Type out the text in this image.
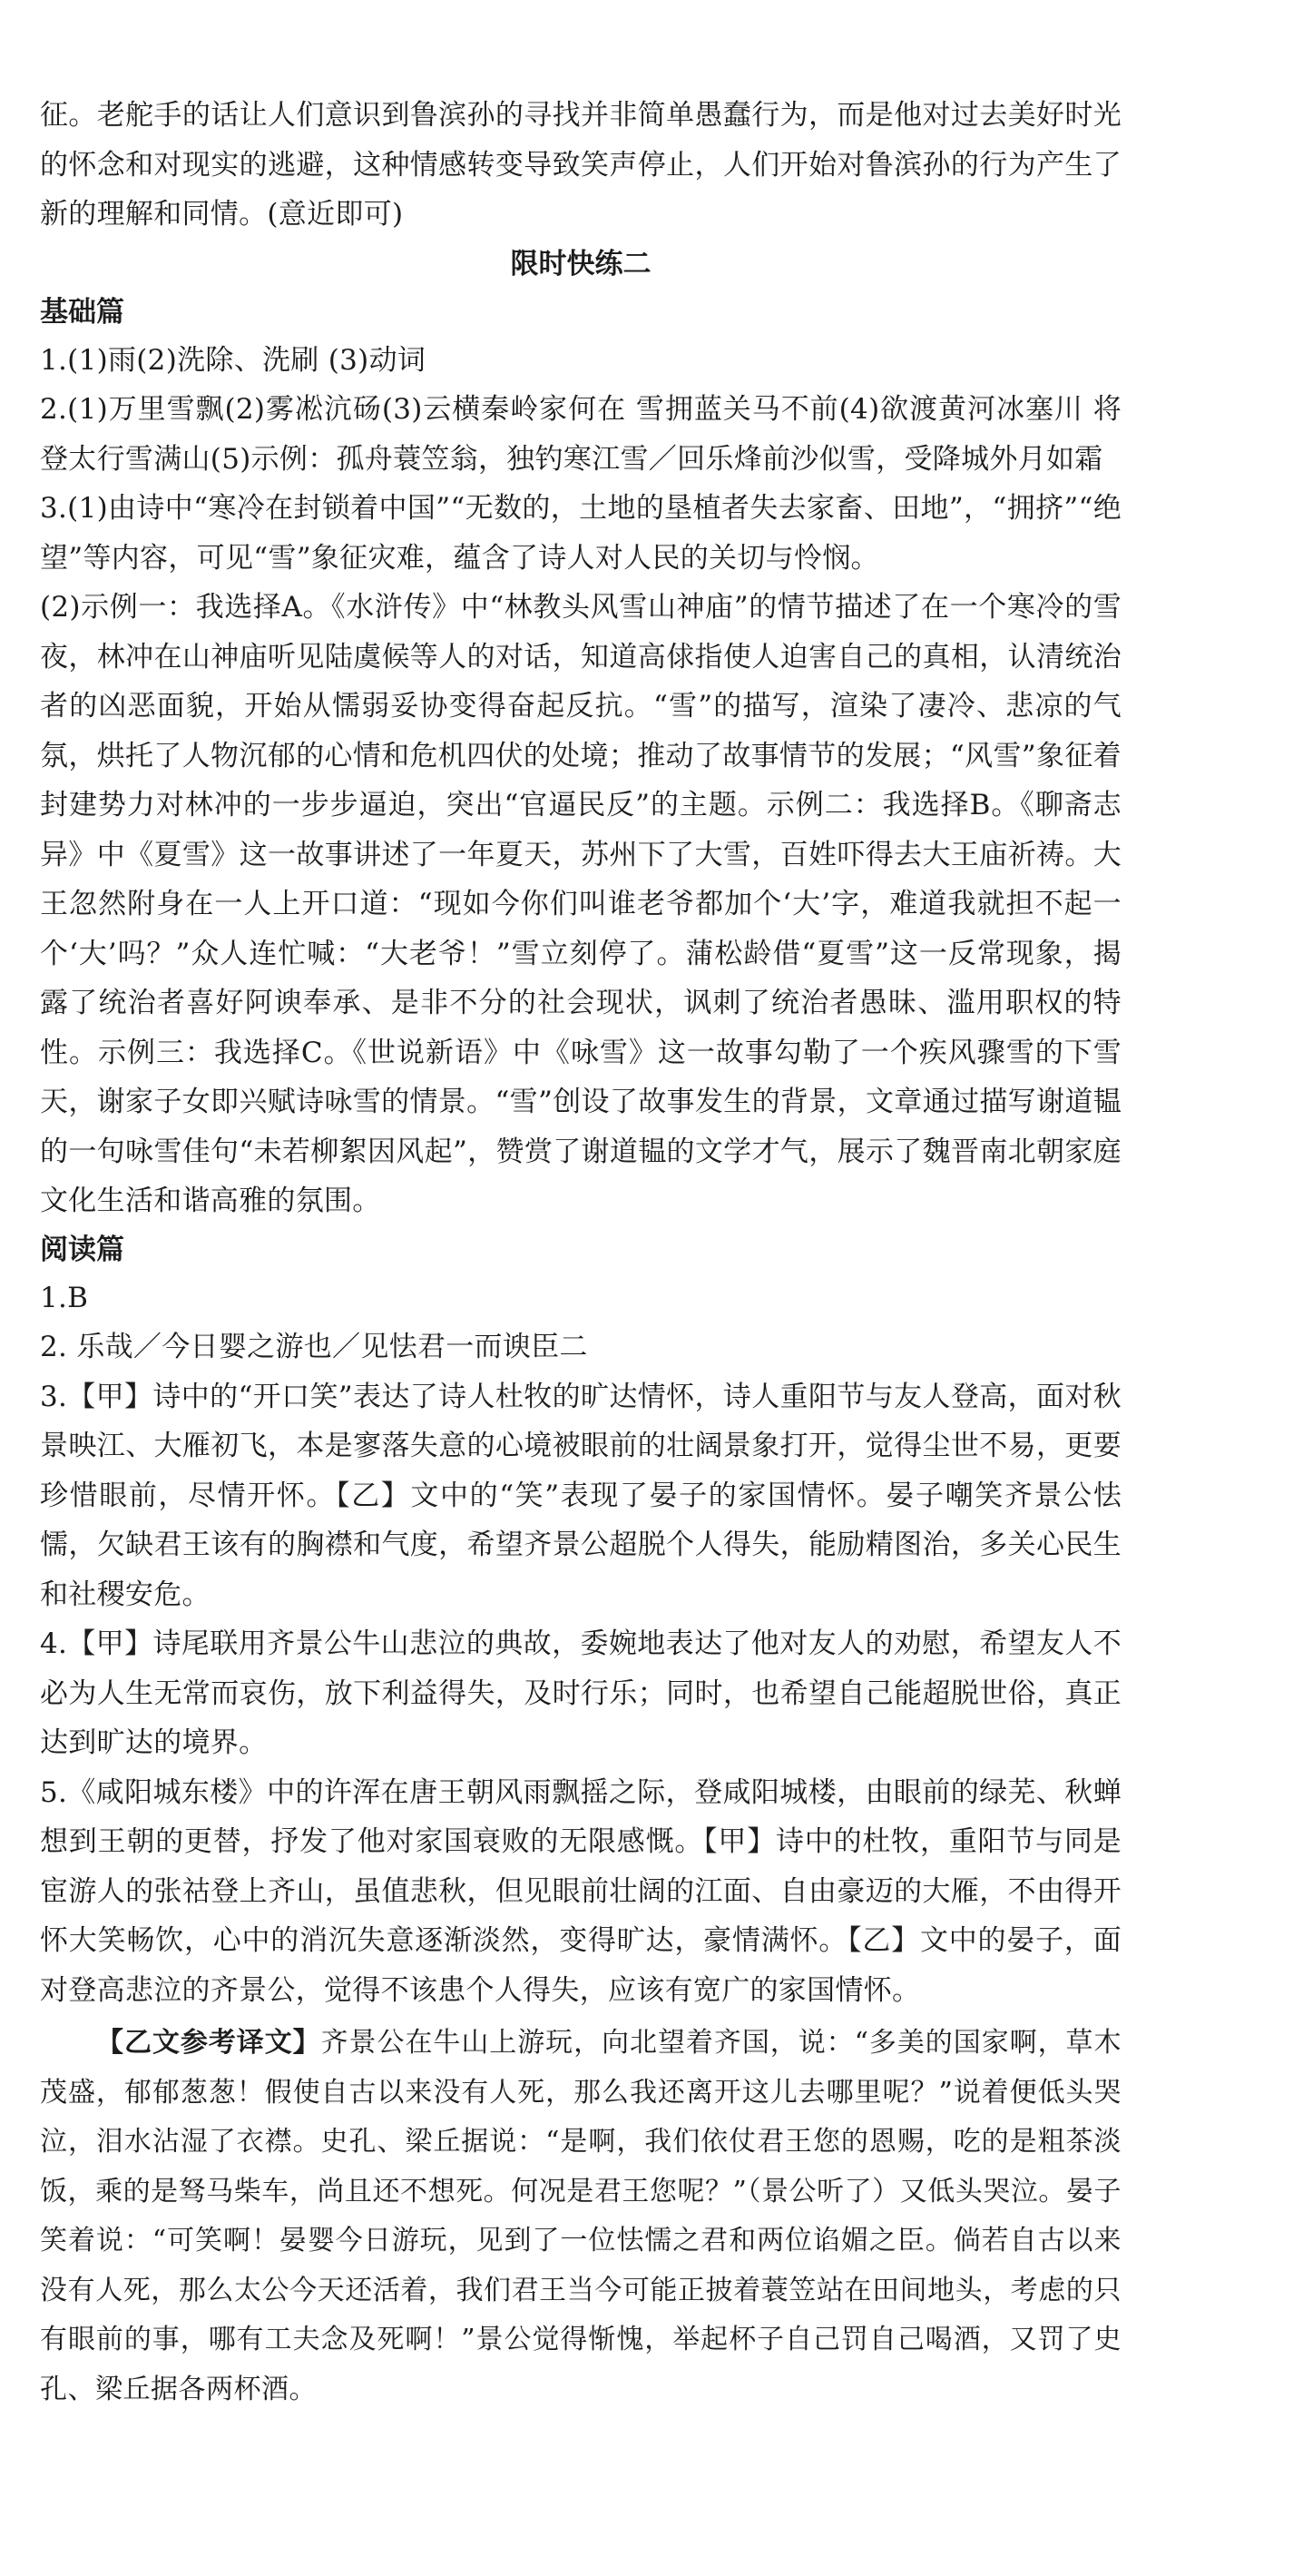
征。老舵手的话让人们意识到鲁滨孙的寻找并非简单愚蠢行为，而是他对过去美好时光的怀念和对现实的逃避，这种情感转变导致笑声停止，人们开始对鲁滨孙的行为产生了新的理解和同情。(意近即可)

限时快练二

基础篇

1.(1)雨(2)洗除、洗刷 (3)动词

2.(1)万里雪飘(2)雾凇沆砀(3)云横秦岭家何在 雪拥蓝关马不前(4)欲渡黄河冰塞川 将登太行雪满山(5)示例：孤舟蓑笠翁，独钓寒江雪／回乐烽前沙似雪，受降城外月如霜

3.(1)由诗中“寒冷在封锁着中国”“无数的，土地的垦植者失去家畜、田地”，“拥挤”“绝望”等内容，可见“雪”象征灾难，蕴含了诗人对人民的关切与怜悯。

(2)示例一：我选择A。《水浒传》中“林教头风雪山神庙”的情节描述了在一个寒冷的雪夜，林冲在山神庙听见陆虞候等人的对话，知道高俅指使人迫害自己的真相，认清统治者的凶恶面貌，开始从懦弱妥协变得奋起反抗。“雪”的描写，渲染了凄冷、悲凉的气氛，烘托了人物沉郁的心情和危机四伏的处境；推动了故事情节的发展；“风雪”象征着封建势力对林冲的一步步逼迫，突出“官逼民反”的主题。示例二：我选择B。《聊斋志异》中《夏雪》这一故事讲述了一年夏天，苏州下了大雪，百姓吓得去大王庙祈祷。大王忽然附身在一人上开口道：“现如今你们叫谁老爷都加个‘大’字，难道我就担不起一个‘大’吗？”众人连忙喊：“大老爷！”雪立刻停了。蒲松龄借“夏雪”这一反常现象，揭露了统治者喜好阿谀奉承、是非不分的社会现状，讽刺了统治者愚昧、滥用职权的特性。示例三：我选择C。《世说新语》中《咏雪》这一故事勾勒了一个疾风骤雪的下雪天，谢家子女即兴赋诗咏雪的情景。“雪”创设了故事发生的背景，文章通过描写谢道韫的一句咏雪佳句“未若柳絮因风起”，赞赏了谢道韫的文学才气，展示了魏晋南北朝家庭文化生活和谐高雅的氛围。

阅读篇

1.B

2. 乐哉／今日婴之游也／见怯君一而谀臣二

3.【甲】诗中的“开口笑”表达了诗人杜牧的旷达情怀，诗人重阳节与友人登高，面对秋景映江、大雁初飞，本是寥落失意的心境被眼前的壮阔景象打开，觉得尘世不易，更要珍惜眼前，尽情开怀。【乙】文中的“笑”表现了晏子的家国情怀。晏子嘲笑齐景公怯懦，欠缺君王该有的胸襟和气度，希望齐景公超脱个人得失，能励精图治，多关心民生和社稷安危。

4.【甲】诗尾联用齐景公牛山悲泣的典故，委婉地表达了他对友人的劝慰，希望友人不必为人生无常而哀伤，放下利益得失，及时行乐；同时，也希望自己能超脱世俗，真正达到旷达的境界。

5.《咸阳城东楼》中的许浑在唐王朝风雨飘摇之际，登咸阳城楼，由眼前的绿芜、秋蝉想到王朝的更替，抒发了他对家国衰败的无限感慨。【甲】诗中的杜牧，重阳节与同是宦游人的张祜登上齐山，虽值悲秋，但见眼前壮阔的江面、自由豪迈的大雁，不由得开怀大笑畅饮，心中的消沉失意逐渐淡然，变得旷达，豪情满怀。【乙】文中的晏子，面对登高悲泣的齐景公，觉得不该患个人得失，应该有宽广的家国情怀。

【乙文参考译文】齐景公在牛山上游玩，向北望着齐国，说：“多美的国家啊，草木茂盛，郁郁葱葱！假使自古以来没有人死，那么我还离开这儿去哪里呢？”说着便低头哭泣，泪水沾湿了衣襟。史孔、梁丘据说：“是啊，我们依仗君王您的恩赐，吃的是粗茶淡饭，乘的是驽马柴车，尚且还不想死。何况是君王您呢？”（景公听了）又低头哭泣。晏子笑着说：“可笑啊！晏婴今日游玩，见到了一位怯懦之君和两位谄媚之臣。倘若自古以来没有人死，那么太公今天还活着，我们君王当今可能正披着蓑笠站在田间地头，考虑的只有眼前的事，哪有工夫念及死啊！”景公觉得惭愧，举起杯子自己罚自己喝酒，又罚了史孔、梁丘据各两杯酒。
